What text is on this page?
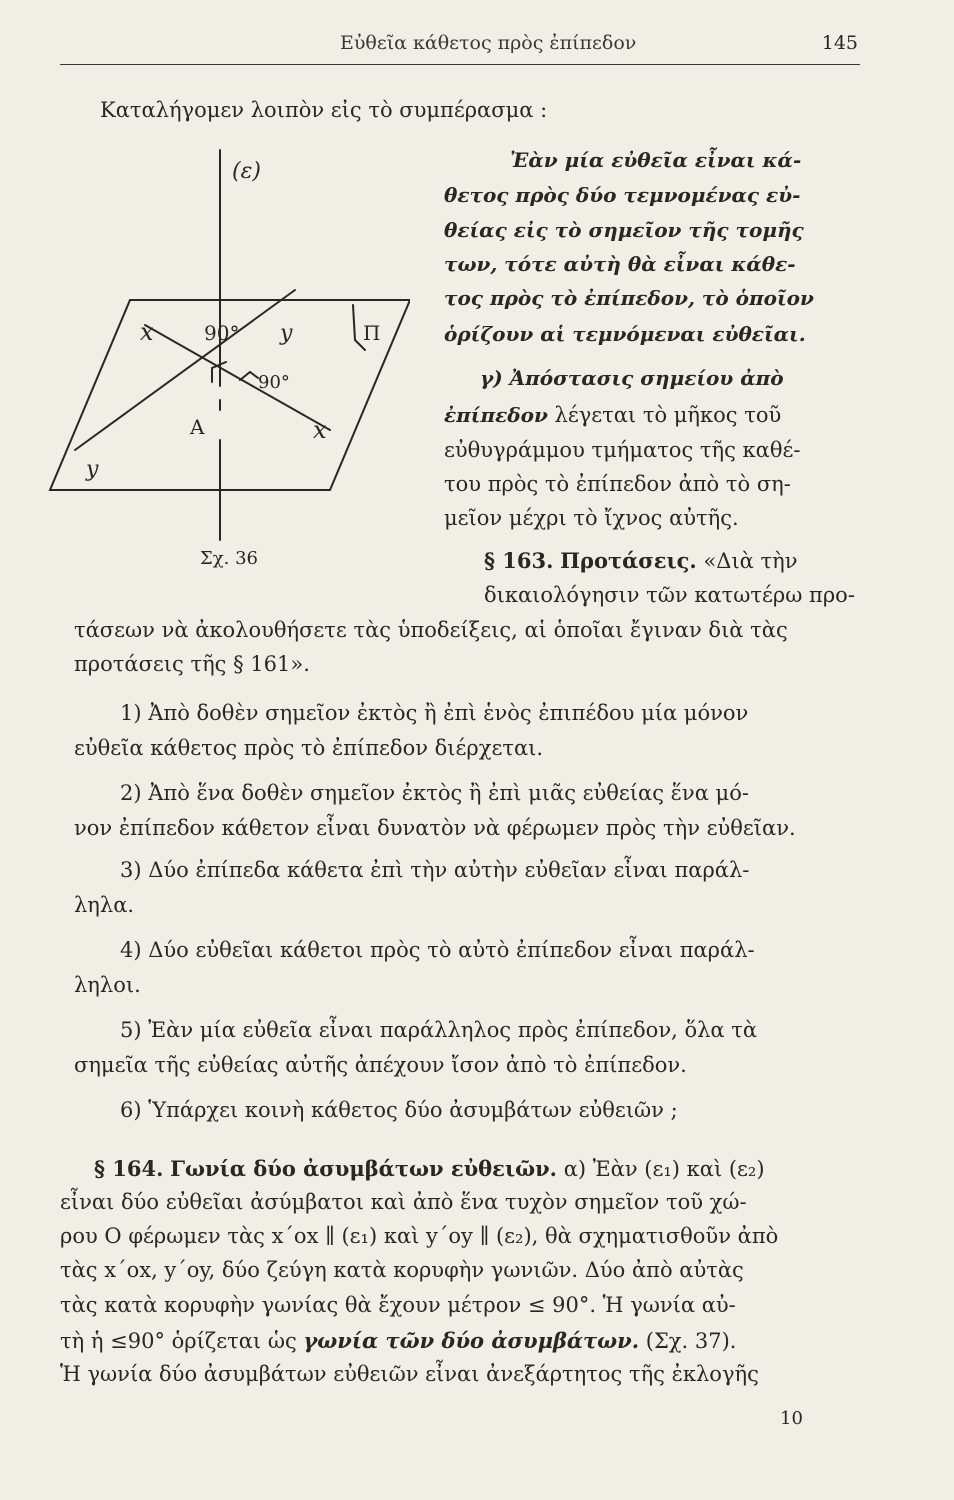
Εὐθεῖα κάθετος πρὸς ἐπίπεδον	145
Καταλήγομεν λοιπὸν εἰς τὸ συμπέρασμα :
Ἐὰν μία εὐθεῖα εἶναι κά-
θετος πρὸς δύο τεμνομένας εὐ-
θείας εἰς τὸ σημεῖον τῆς τομῆς
των, τότε αὐτὴ θὰ εἶναι κάθε-
τος πρὸς τὸ ἐπίπεδον, τὸ ὁποῖον
ὁρίζουν αἱ τεμνόμεναι εὐθεῖαι.
γ) Ἀπόστασις σημείου ἀπὸ
ἐπίπεδον λέγεται τὸ μῆκος τοῦ
εὐθυγράμμου τμήματος τῆς καθέ-
του πρὸς τὸ ἐπίπεδον ἀπὸ τὸ ση-
μεῖον μέχρι τὸ ἴχνος αὐτῆς.
(ε)
x	90° y	Π
90°
A	x
y
Σχ. 36	§ 163. Προτάσεις. «Διὰ τὴν
δικαιολόγησιν τῶν κατωτέρω προ-
τάσεων νὰ ἀκολουθήσετε τὰς ὑποδείξεις, αἱ ὁποῖαι ἔγιναν διὰ τὰς
προτάσεις τῆς § 161».
1) Ἀπὸ δοθὲν σημεῖον ἐκτὸς ἢ ἐπὶ ἑνὸς ἐπιπέδου μία μόνον
εὐθεῖα κάθετος πρὸς τὸ ἐπίπεδον διέρχεται.
2) Ἀπὸ ἕνα δοθὲν σημεῖον ἐκτὸς ἢ ἐπὶ μιᾶς εὐθείας ἕνα μό-
νον ἐπίπεδον κάθετον εἶναι δυνατὸν νὰ φέρωμεν πρὸς τὴν εὐθεῖαν.
3) Δύο ἐπίπεδα κάθετα ἐπὶ τὴν αὐτὴν εὐθεῖαν εἶναι παράλ-
ληλα.
4) Δύο εὐθεῖαι κάθετοι πρὸς τὸ αὐτὸ ἐπίπεδον εἶναι παράλ-
ληλοι.
5) Ἐὰν μία εὐθεῖα εἶναι παράλληλος πρὸς ἐπίπεδον, ὅλα τὰ
σημεῖα τῆς εὐθείας αὐτῆς ἀπέχουν ἴσον ἀπὸ τὸ ἐπίπεδον.
6) Ὑπάρχει κοινὴ κάθετος δύο ἀσυμβάτων εὐθειῶν ;
§ 164. Γωνία δύο ἀσυμβάτων εὐθειῶν. α) Ἐὰν (ε₁) καὶ (ε₂)
εἶναι δύο εὐθεῖαι ἀσύμβατοι καὶ ἀπὸ ἕνα τυχὸν σημεῖον τοῦ χώ-
ρου Ο φέρωμεν τὰς x΄ox ∥ (ε₁) καὶ y΄oy ∥ (ε₂), θὰ σχηματισθοῦν ἀπὸ
τὰς x΄ox, y΄oy, δύο ζεύγη κατὰ κορυφὴν γωνιῶν. Δύο ἀπὸ αὐτὰς
τὰς κατὰ κορυφὴν γωνίας θὰ ἔχουν μέτρον ≤ 90°. Ἡ γωνία αὐ-
τὴ ἡ ≤90° ὁρίζεται ὡς γωνία τῶν δύο ἀσυμβάτων. (Σχ. 37).
Ἡ γωνία δύο ἀσυμβάτων εὐθειῶν εἶναι ἀνεξάρτητος τῆς ἐκλογῆς
10
